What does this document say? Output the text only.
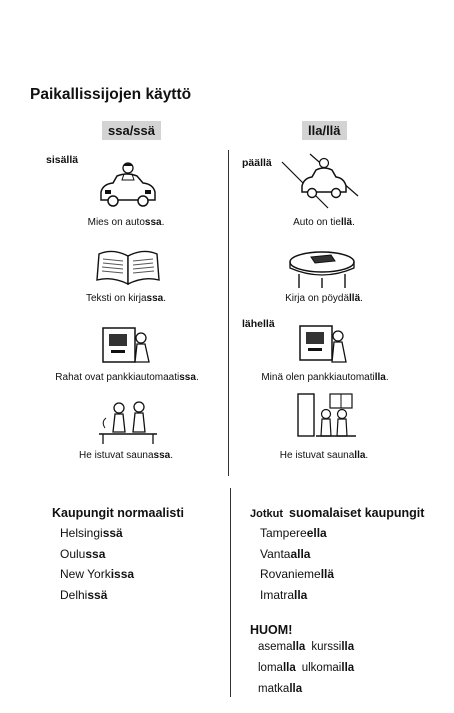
Paikallissijojen käyttö
ssa/ssä	lla/llä
sisällä
Mies on autossa.
Teksti on kirjassa.
Rahat ovat pankkiautomaatissa.
He istuvat saunassa.
päällä
Auto on tiellä.
Kirja on pöydällä.
lähellä
Minä olen pankkiautomatilla.
He istuvat saunalla.
Kaupungit normaalisti
Helsingissä
Oulussa
New Yorkissa
Delhissä
Jotkut suomalaiset kaupungit
Tampereella
Vantaalla
Rovaniemellä
Imatralla
HUOM!
asemalla kurssilla
lomalla ulkomailla
matkalla
